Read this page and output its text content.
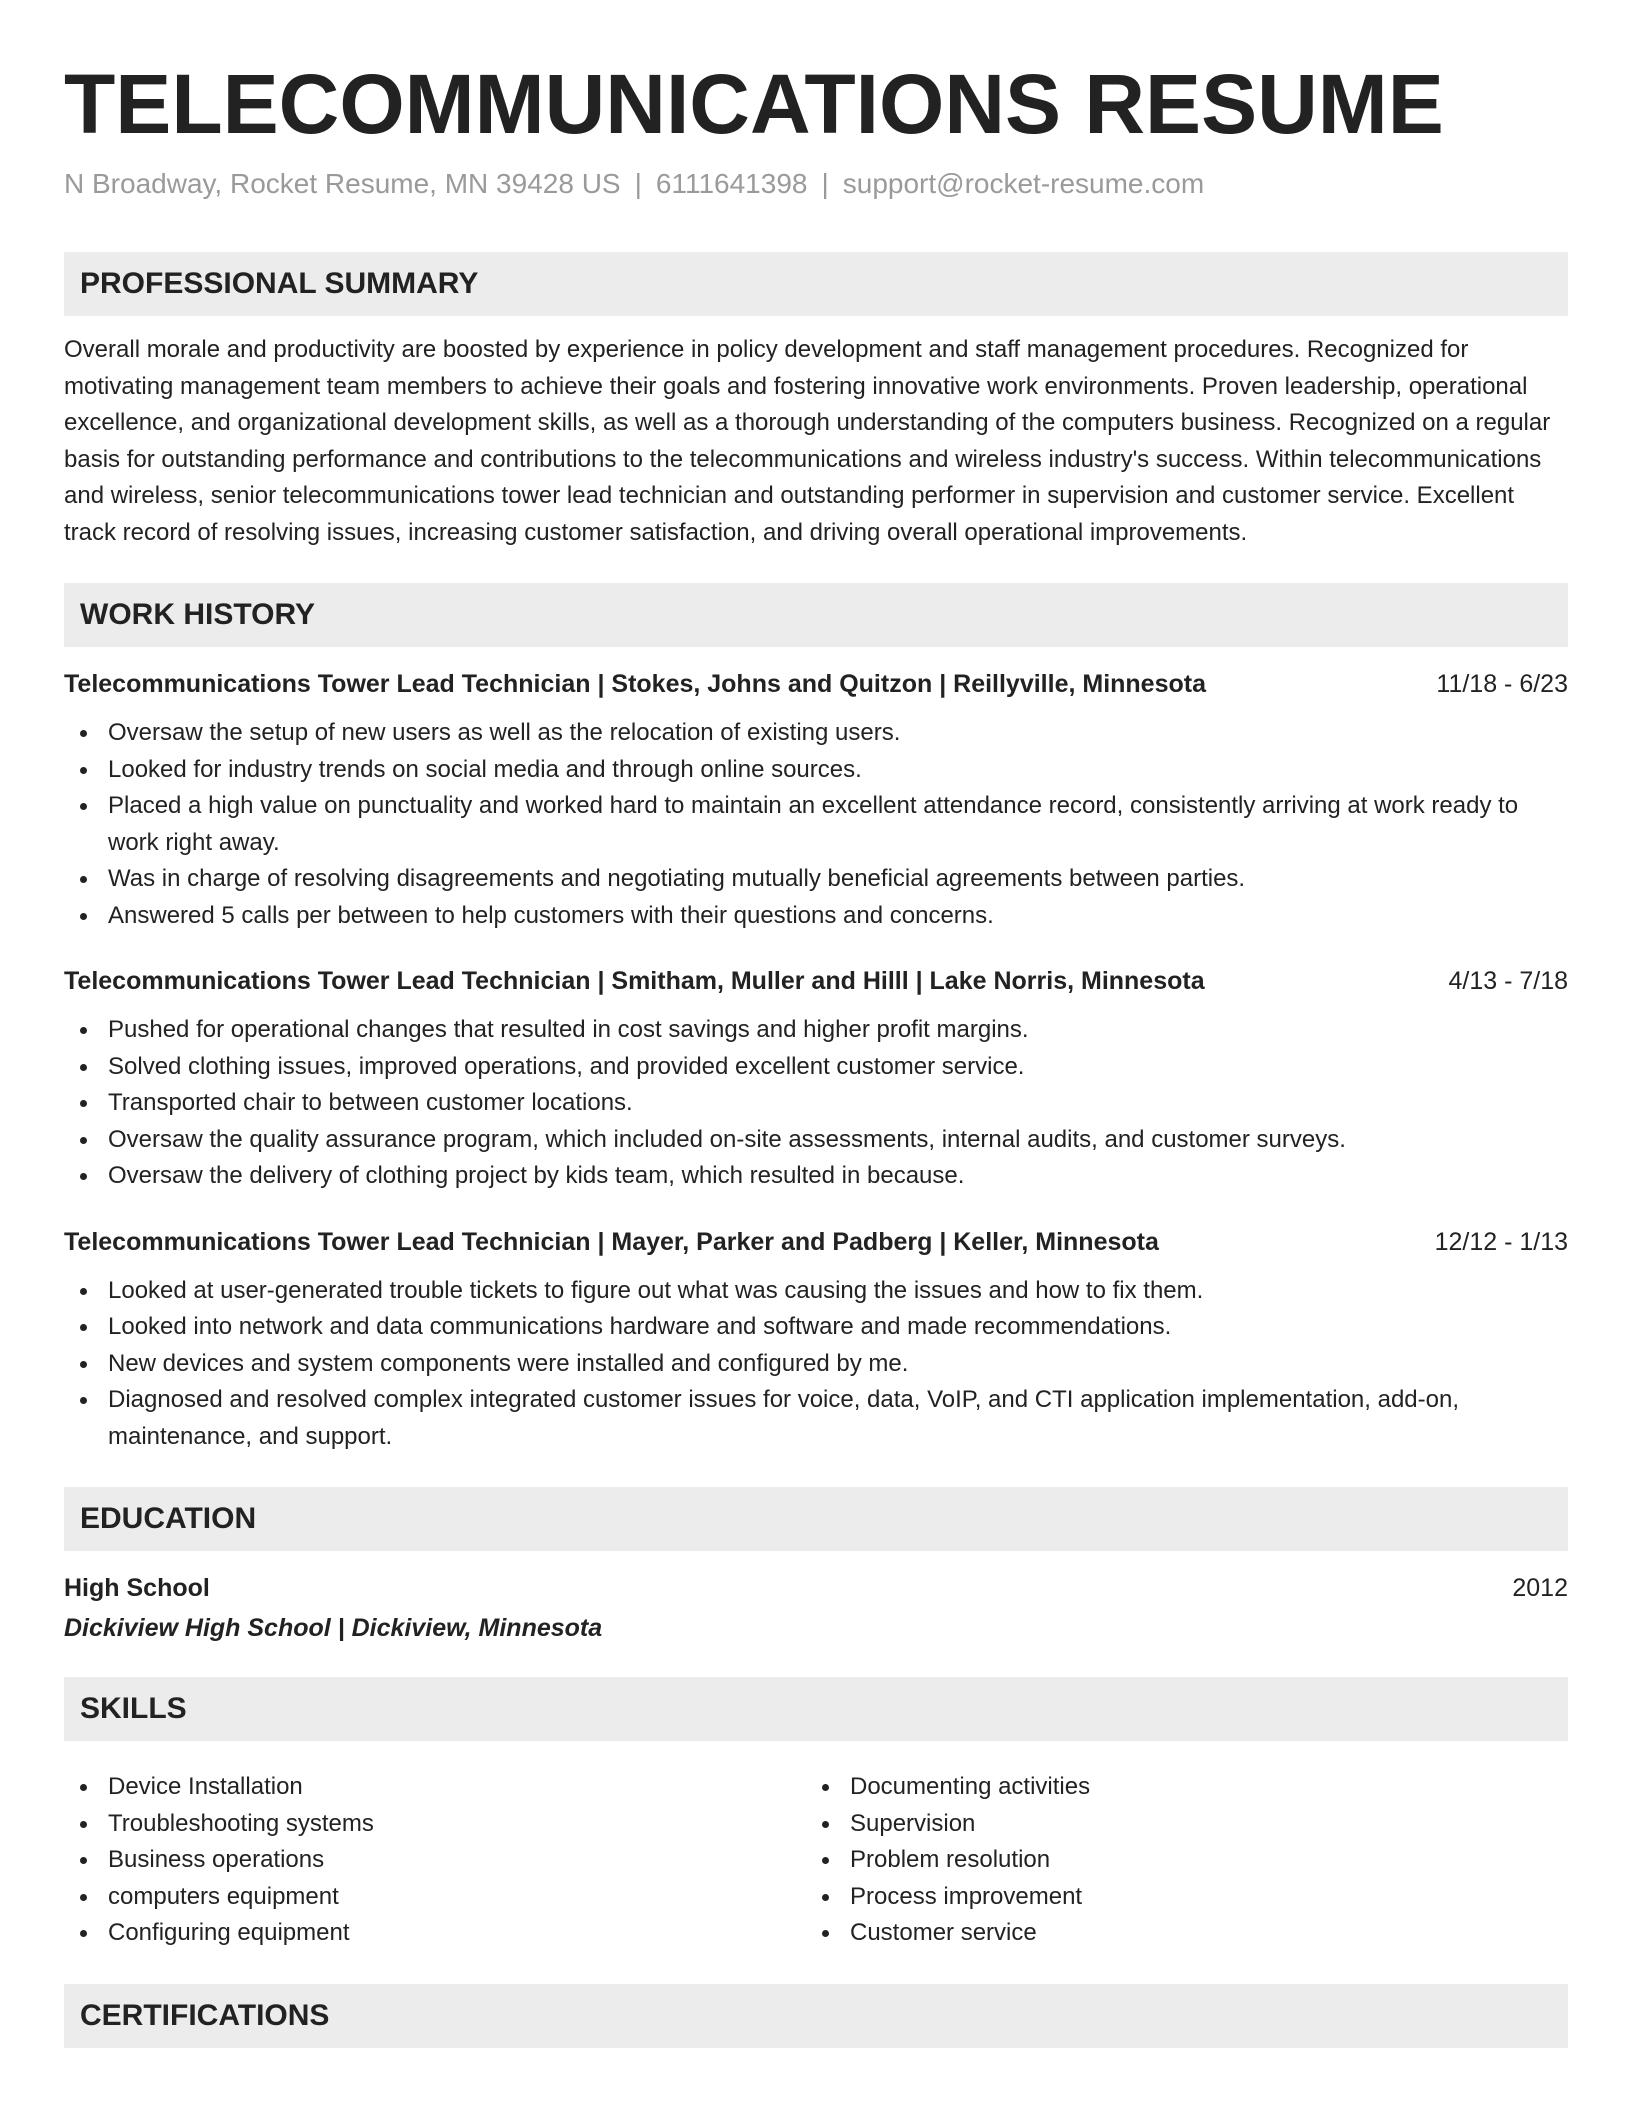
TELECOMMUNICATIONS RESUME
N Broadway, Rocket Resume, MN 39428 US | 6111641398 | support@rocket-resume.com
PROFESSIONAL SUMMARY
Overall morale and productivity are boosted by experience in policy development and staff management procedures. Recognized for motivating management team members to achieve their goals and fostering innovative work environments. Proven leadership, operational excellence, and organizational development skills, as well as a thorough understanding of the computers business. Recognized on a regular basis for outstanding performance and contributions to the telecommunications and wireless industry's success. Within telecommunications and wireless, senior telecommunications tower lead technician and outstanding performer in supervision and customer service. Excellent track record of resolving issues, increasing customer satisfaction, and driving overall operational improvements.
WORK HISTORY
Telecommunications Tower Lead Technician | Stokes, Johns and Quitzon | Reillyville, Minnesota	11/18 - 6/23
Oversaw the setup of new users as well as the relocation of existing users.
Looked for industry trends on social media and through online sources.
Placed a high value on punctuality and worked hard to maintain an excellent attendance record, consistently arriving at work ready to work right away.
Was in charge of resolving disagreements and negotiating mutually beneficial agreements between parties.
Answered 5 calls per between to help customers with their questions and concerns.
Telecommunications Tower Lead Technician | Smitham, Muller and Hilll | Lake Norris, Minnesota	4/13 - 7/18
Pushed for operational changes that resulted in cost savings and higher profit margins.
Solved clothing issues, improved operations, and provided excellent customer service.
Transported chair to between customer locations.
Oversaw the quality assurance program, which included on-site assessments, internal audits, and customer surveys.
Oversaw the delivery of clothing project by kids team, which resulted in because.
Telecommunications Tower Lead Technician | Mayer, Parker and Padberg | Keller, Minnesota	12/12 - 1/13
Looked at user-generated trouble tickets to figure out what was causing the issues and how to fix them.
Looked into network and data communications hardware and software and made recommendations.
New devices and system components were installed and configured by me.
Diagnosed and resolved complex integrated customer issues for voice, data, VoIP, and CTI application implementation, add-on, maintenance, and support.
EDUCATION
High School	2012
Dickiview High School | Dickiview, Minnesota
SKILLS
Device Installation
Troubleshooting systems
Business operations
computers equipment
Configuring equipment
Documenting activities
Supervision
Problem resolution
Process improvement
Customer service
CERTIFICATIONS
